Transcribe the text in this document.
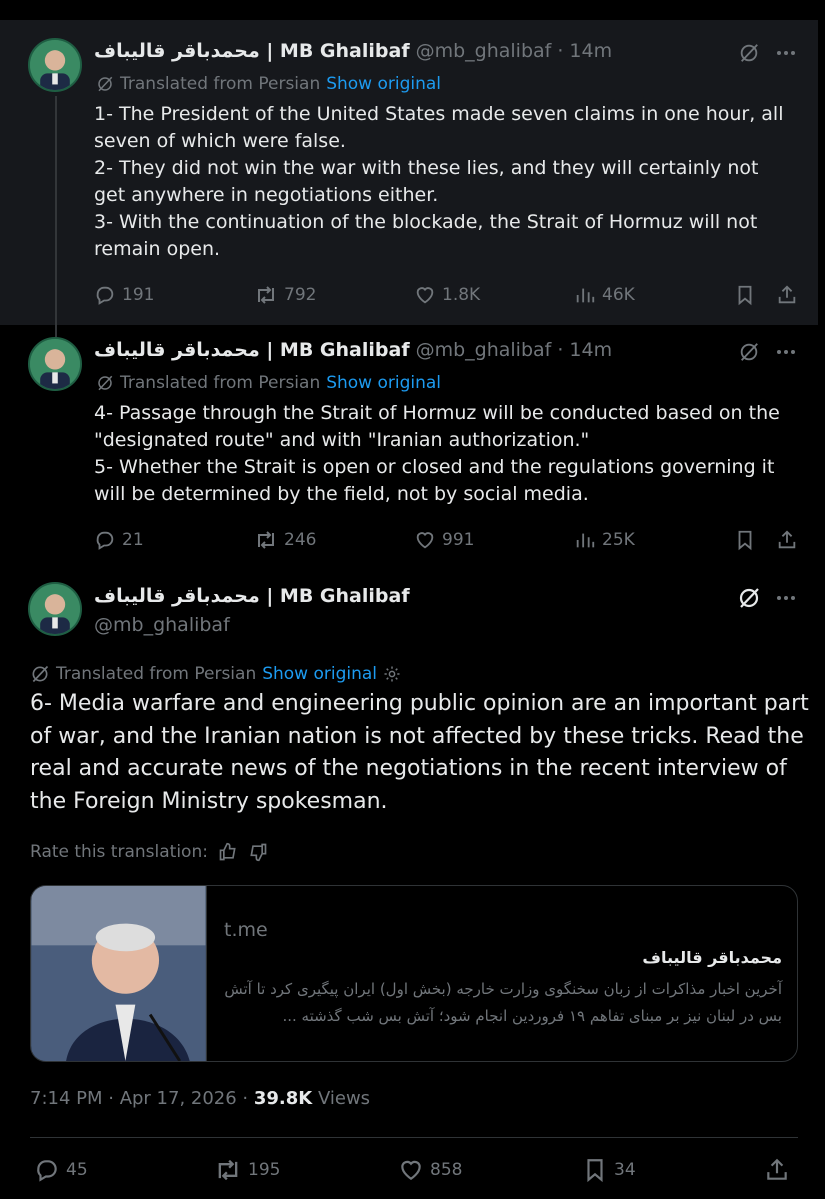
محمدباقر قالیباف | MB Ghalibaf @mb_ghalibaf · 14m
Translated from Persian Show original

1- The President of the United States made seven claims in one hour, all seven of which were false.

2- They did not win the war with these lies, and they will certainly not get anywhere in negotiations either.

3- With the continuation of the blockade, the Strait of Hormuz will not remain open.

191	792	1.8K	46K
محمدباقر قالیباف | MB Ghalibaf @mb_ghalibaf · 14m
Translated from Persian Show original

4- Passage through the Strait of Hormuz will be conducted based on the "designated route" and with "Iranian authorization."

5- Whether the Strait is open or closed and the regulations governing it will be determined by the field, not by social media.

21	246	991	25K
محمدباقر قالیباف | MB Ghalibaf
@mb_ghalibaf
Translated from Persian Show original
6- Media warfare and engineering public opinion are an important part of war, and the Iranian nation is not affected by these tricks. Read the real and accurate news of the negotiations in the recent interview of the Foreign Ministry spokesman.
Rate this translation:
t.me
محمدباقر قالیباف
آخرین اخبار مذاکرات از زبان سخنگوی وزارت خارجه (بخش اول) ایران پیگیری کرد تا آتش بس در لبنان نیز بر مبنای تفاهم ۱۹ فروردین انجام شود؛ آتش بس شب گذشته ...
7:14 PM · Apr 17, 2026 · 39.8K Views
45	195	858	34
